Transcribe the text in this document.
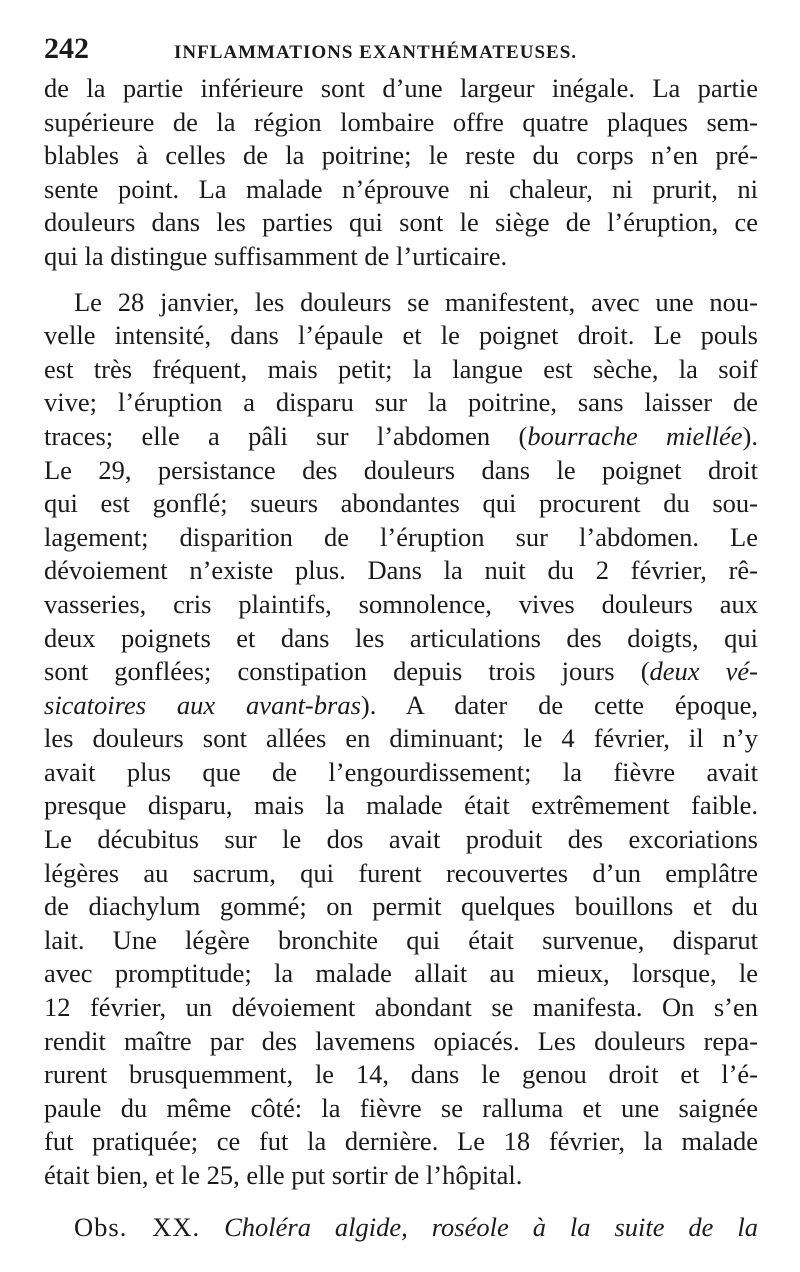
242	INFLAMMATIONS EXANTHÉMATEUSES.
de la partie inférieure sont d’une largeur inégale. La partie
supérieure de la région lombaire offre quatre plaques sem-
blables à celles de la poitrine; le reste du corps n’en pré-
sente point. La malade n’éprouve ni chaleur, ni prurit, ni
douleurs dans les parties qui sont le siège de l’éruption, ce
qui la distingue suffisamment de l’urticaire.
Le 28 janvier, les douleurs se manifestent, avec une nou-
velle intensité, dans l’épaule et le poignet droit. Le pouls
est très fréquent, mais petit; la langue est sèche, la soif
vive; l’éruption a disparu sur la poitrine, sans laisser de
traces; elle a pâli sur l’abdomen (bourrache miellée).
Le 29, persistance des douleurs dans le poignet droit
qui est gonflé; sueurs abondantes qui procurent du sou-
lagement; disparition de l’éruption sur l’abdomen. Le
dévoiement n’existe plus. Dans la nuit du 2 février, rê-
vasseries, cris plaintifs, somnolence, vives douleurs aux
deux poignets et dans les articulations des doigts, qui
sont gonflées; constipation depuis trois jours (deux vé-
sicatoires aux avant-bras). A dater de cette époque,
les douleurs sont allées en diminuant; le 4 février, il n’y
avait plus que de l’engourdissement; la fièvre avait
presque disparu, mais la malade était extrêmement faible.
Le décubitus sur le dos avait produit des excoriations
légères au sacrum, qui furent recouvertes d’un emplâtre
de diachylum gommé; on permit quelques bouillons et du
lait. Une légère bronchite qui était survenue, disparut
avec promptitude; la malade allait au mieux, lorsque, le
12 février, un dévoiement abondant se manifesta. On s’en
rendit maître par des lavemens opiacés. Les douleurs repa-
rurent brusquemment, le 14, dans le genou droit et l’é-
paule du même côté: la fièvre se ralluma et une saignée
fut pratiquée; ce fut la dernière. Le 18 février, la malade
était bien, et le 25, elle put sortir de l’hôpital.
Obs. XX. Choléra algide, roséole à la suite de la
